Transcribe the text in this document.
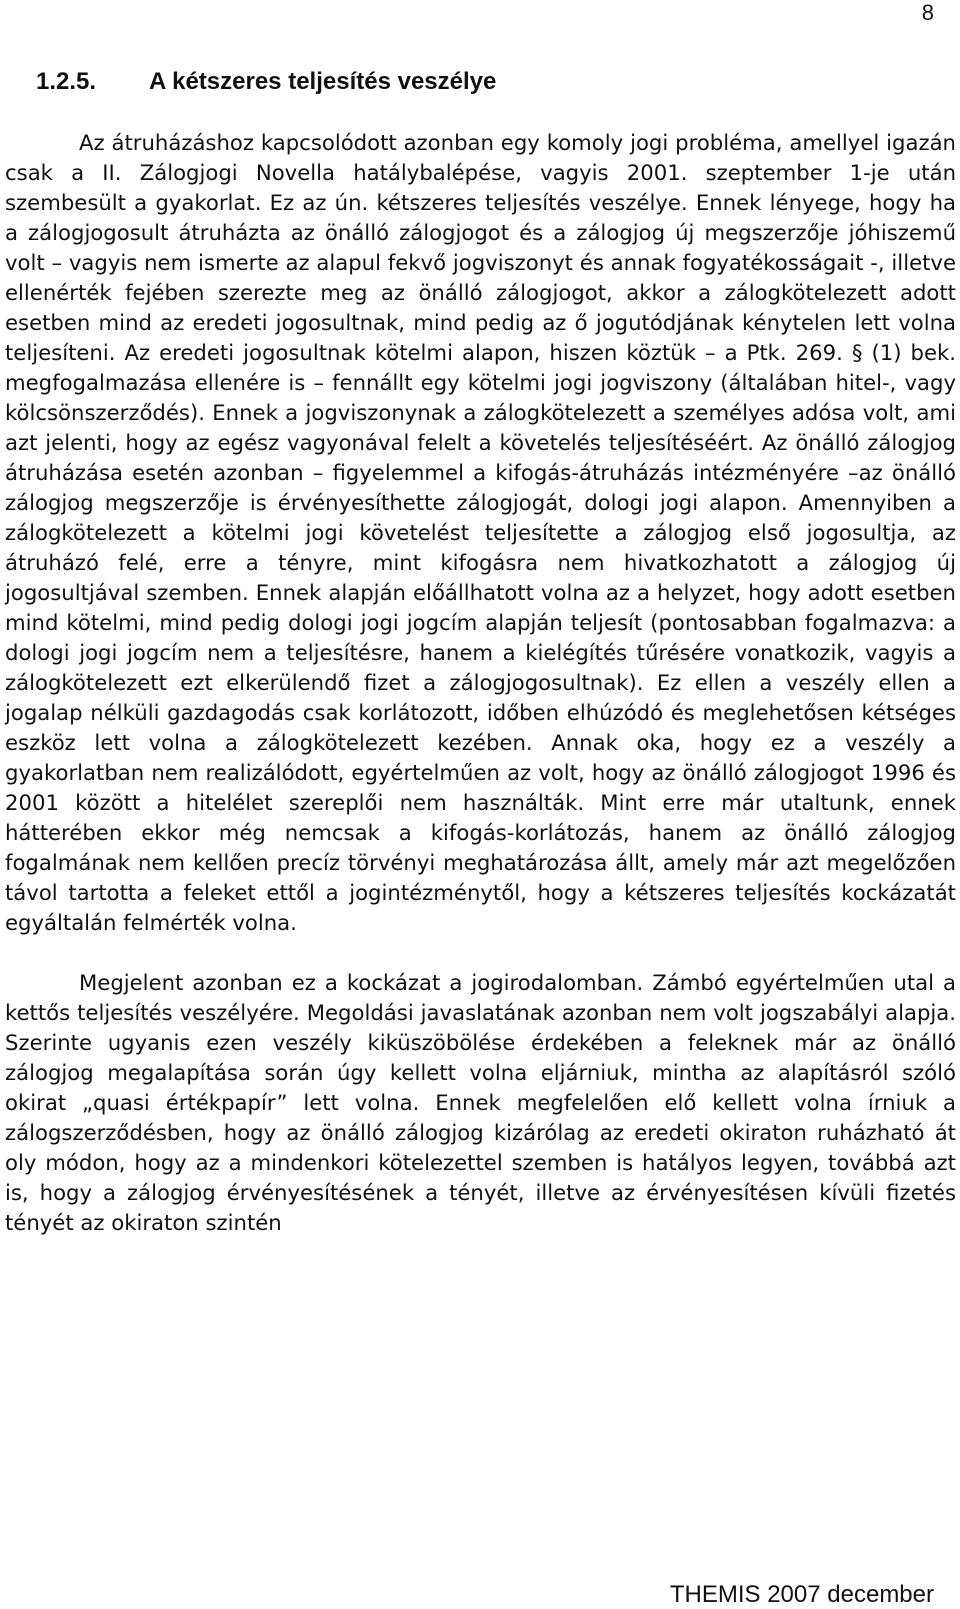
8
1.2.5. A kétszeres teljesítés veszélye

Az átruházáshoz kapcsolódott azonban egy komoly jogi probléma, amellyel igazán csak a II. Zálogjogi Novella hatálybalépése, vagyis 2001. szeptember 1-je után szembesült a gyakorlat. Ez az ún. kétszeres teljesítés veszélye. Ennek lényege, hogy ha a zálogjogosult átruházta az önálló zálogjogot és a zálogjog új megszerzője jóhiszemű volt – vagyis nem ismerte az alapul fekvő jogviszonyt és annak fogyatékosságait -, illetve ellenérték fejében szerezte meg az önálló zálogjogot, akkor a zálogkötelezett adott esetben mind az eredeti jogosultnak, mind pedig az ő jogutódjának kénytelen lett volna teljesíteni. Az eredeti jogosultnak kötelmi alapon, hiszen köztük – a Ptk. 269. § (1) bek. megfogalmazása ellenére is – fennállt egy kötelmi jogi jogviszony (általában hitel-, vagy kölcsönszerződés). Ennek a jogviszonynak a zálogkötelezett a személyes adósa volt, ami azt jelenti, hogy az egész vagyonával felelt a követelés teljesítéséért. Az önálló zálogjog átruházása esetén azonban – figyelemmel a kifogás-átruházás intézményére –az önálló zálogjog megszerzője is érvényesíthette zálogjogát, dologi jogi alapon. Amennyiben a zálogkötelezett a kötelmi jogi követelést teljesítette a zálogjog első jogosultja, az átruházó felé, erre a tényre, mint kifogásra nem hivatkozhatott a zálogjog új jogosultjával szemben. Ennek alapján előállhatott volna az a helyzet, hogy adott esetben mind kötelmi, mind pedig dologi jogi jogcím alapján teljesít (pontosabban fogalmazva: a dologi jogi jogcím nem a teljesítésre, hanem a kielégítés tűrésére vonatkozik, vagyis a zálogkötelezett ezt elkerülendő fizet a zálogjogosultnak). Ez ellen a veszély ellen a jogalap nélküli gazdagodás csak korlátozott, időben elhúzódó és meglehetősen kétséges eszköz lett volna a zálogkötelezett kezében. Annak oka, hogy ez a veszély a gyakorlatban nem realizálódott, egyértelműen az volt, hogy az önálló zálogjogot 1996 és 2001 között a hitelélet szereplői nem használták. Mint erre már utaltunk, ennek hátterében ekkor még nemcsak a kifogás-korlátozás, hanem az önálló zálogjog fogalmának nem kellően precíz törvényi meghatározása állt, amely már azt megelőzően távol tartotta a feleket ettől a jogintézménytől, hogy a kétszeres teljesítés kockázatát egyáltalán felmérték volna.

Megjelent azonban ez a kockázat a jogirodalomban. Zámbó egyértelműen utal a kettős teljesítés veszélyére. Megoldási javaslatának azonban nem volt jogszabályi alapja. Szerinte ugyanis ezen veszély kiküszöbölése érdekében a feleknek már az önálló zálogjog megalapítása során úgy kellett volna eljárniuk, mintha az alapításról szóló okirat „quasi értékpapír” lett volna. Ennek megfelelően elő kellett volna írniuk a zálogszerződésben, hogy az önálló zálogjog kizárólag az eredeti okiraton ruházható át oly módon, hogy az a mindenkori kötelezettel szemben is hatályos legyen, továbbá azt is, hogy a zálogjog érvényesítésének a tényét, illetve az érvényesítésen kívüli fizetés tényét az okiraton szintén

THEMIS 2007 december
